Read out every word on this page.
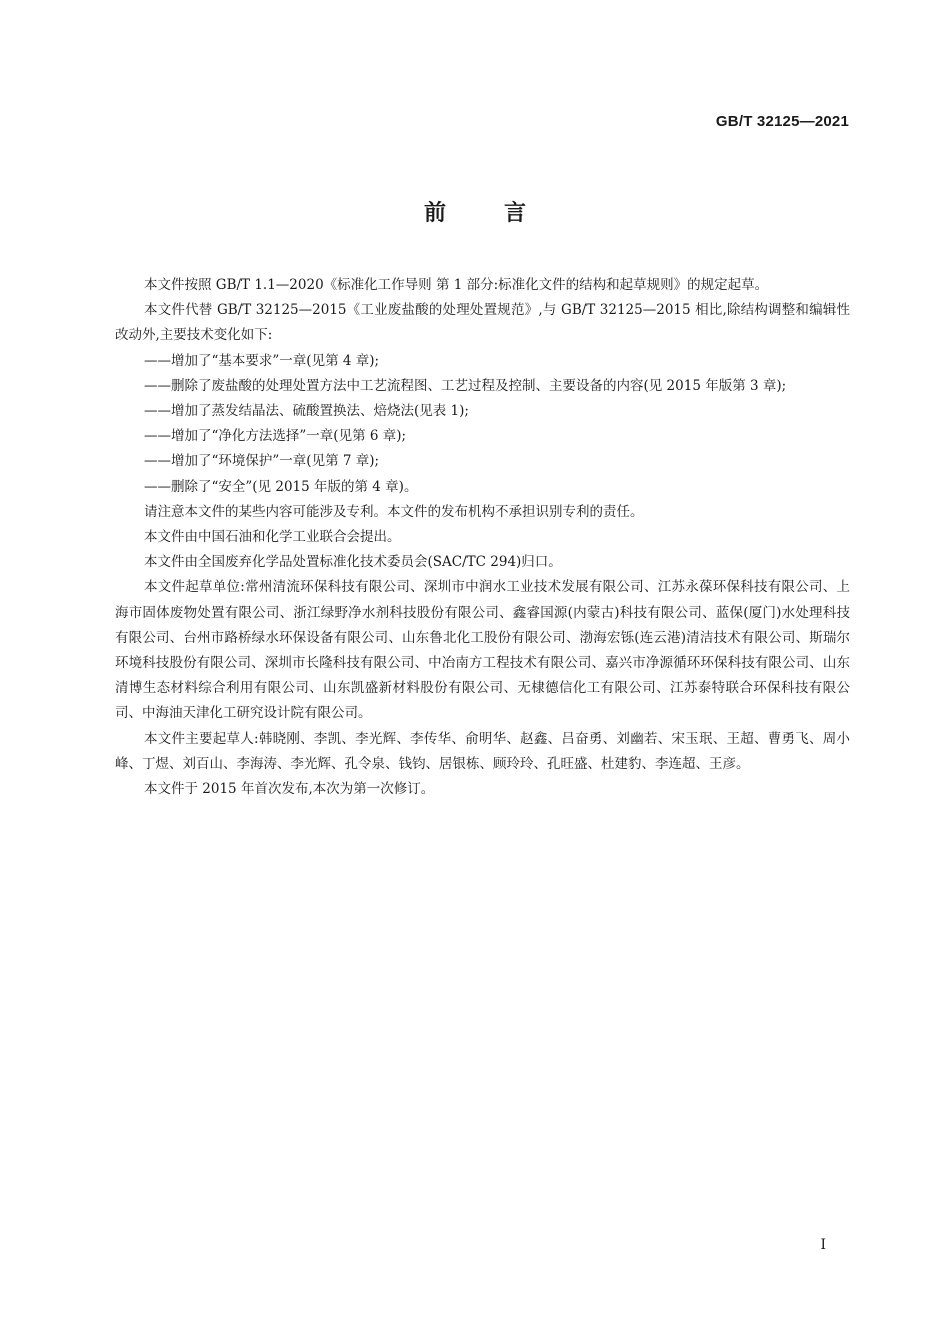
GB/T 32125—2021
前言

本文件按照 GB/T 1.1—2020《标准化工作导则 第 1 部分:标准化文件的结构和起草规则》的规定起草。

本文件代替 GB/T 32125—2015《工业废盐酸的处理处置规范》,与 GB/T 32125—2015 相比,除结构调整和编辑性改动外,主要技术变化如下:

——增加了“基本要求”一章(见第 4 章);

——删除了废盐酸的处理处置方法中工艺流程图、工艺过程及控制、主要设备的内容(见 2015 年版第 3 章);

——增加了蒸发结晶法、硫酸置换法、焙烧法(见表 1);

——增加了“净化方法选择”一章(见第 6 章);

——增加了“环境保护”一章(见第 7 章);

——删除了“安全”(见 2015 年版的第 4 章)。

请注意本文件的某些内容可能涉及专利。本文件的发布机构不承担识别专利的责任。

本文件由中国石油和化学工业联合会提出。

本文件由全国废弃化学品处置标准化技术委员会(SAC/TC 294)归口。

本文件起草单位:常州清流环保科技有限公司、深圳市中润水工业技术发展有限公司、江苏永葆环保科技有限公司、上海市固体废物处置有限公司、浙江绿野净水剂科技股份有限公司、鑫睿国源(内蒙古)科技有限公司、蓝保(厦门)水处理科技有限公司、台州市路桥绿水环保设备有限公司、山东鲁北化工股份有限公司、渤海宏铄(连云港)清洁技术有限公司、斯瑞尔环境科技股份有限公司、深圳市长隆科技有限公司、中冶南方工程技术有限公司、嘉兴市净源循环环保科技有限公司、山东清博生态材料综合利用有限公司、山东凯盛新材料股份有限公司、无棣德信化工有限公司、江苏泰特联合环保科技有限公司、中海油天津化工研究设计院有限公司。

本文件主要起草人:韩晓刚、李凯、李光辉、李传华、俞明华、赵鑫、吕奋勇、刘幽若、宋玉珉、王超、曹勇飞、周小峰、丁煜、刘百山、李海涛、李光辉、孔令泉、钱钧、居银栋、顾玲玲、孔旺盛、杜建豹、李连超、王彦。

本文件于 2015 年首次发布,本次为第一次修订。

I
